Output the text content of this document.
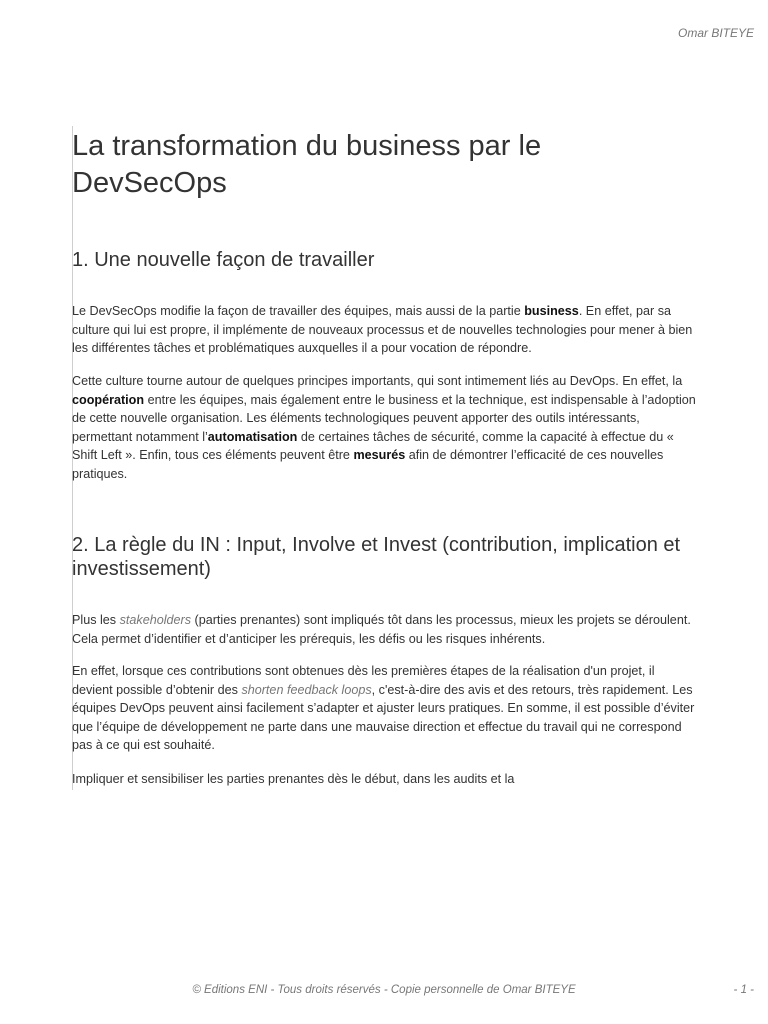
Omar BITEYE
La transformation du business par le DevSecOps
1. Une nouvelle façon de travailler

Le DevSecOps modifie la façon de travailler des équipes, mais aussi de la partie business. En effet, par sa culture qui lui est propre, il implémente de nouveaux processus et de nouvelles technologies pour mener à bien les différentes tâches et problématiques auxquelles il a pour vocation de répondre.

Cette culture tourne autour de quelques principes importants, qui sont intimement liés au DevOps. En effet, la coopération entre les équipes, mais également entre le business et la technique, est indispensable à l’adoption de cette nouvelle organisation. Les éléments technologiques peuvent apporter des outils intéressants, permettant notamment l’automatisation de certaines tâches de sécurité, comme la capacité à effectue du « Shift Left ». Enfin, tous ces éléments peuvent être mesurés afin de démontrer l’efficacité de ces nouvelles pratiques.

2. La règle du IN : Input, Involve et Invest (contribution, implication et investissement)

Plus les stakeholders (parties prenantes) sont impliqués tôt dans les processus, mieux les projets se déroulent. Cela permet d’identifier et d’anticiper les prérequis, les défis ou les risques inhérents.

En effet, lorsque ces contributions sont obtenues dès les premières étapes de la réalisation d'un projet, il devient possible d’obtenir des shorten feedback loops, c'est-à-dire des avis et des retours, très rapidement. Les équipes DevOps peuvent ainsi facilement s’adapter et ajuster leurs pratiques. En somme, il est possible d’éviter que l’équipe de développement ne parte dans une mauvaise direction et effectue du travail qui ne correspond pas à ce qui est souhaité.

Impliquer et sensibiliser les parties prenantes dès le début, dans les audits et la

© Editions ENI - Tous droits réservés - Copie personnelle de Omar BITEYE	- 1 -
